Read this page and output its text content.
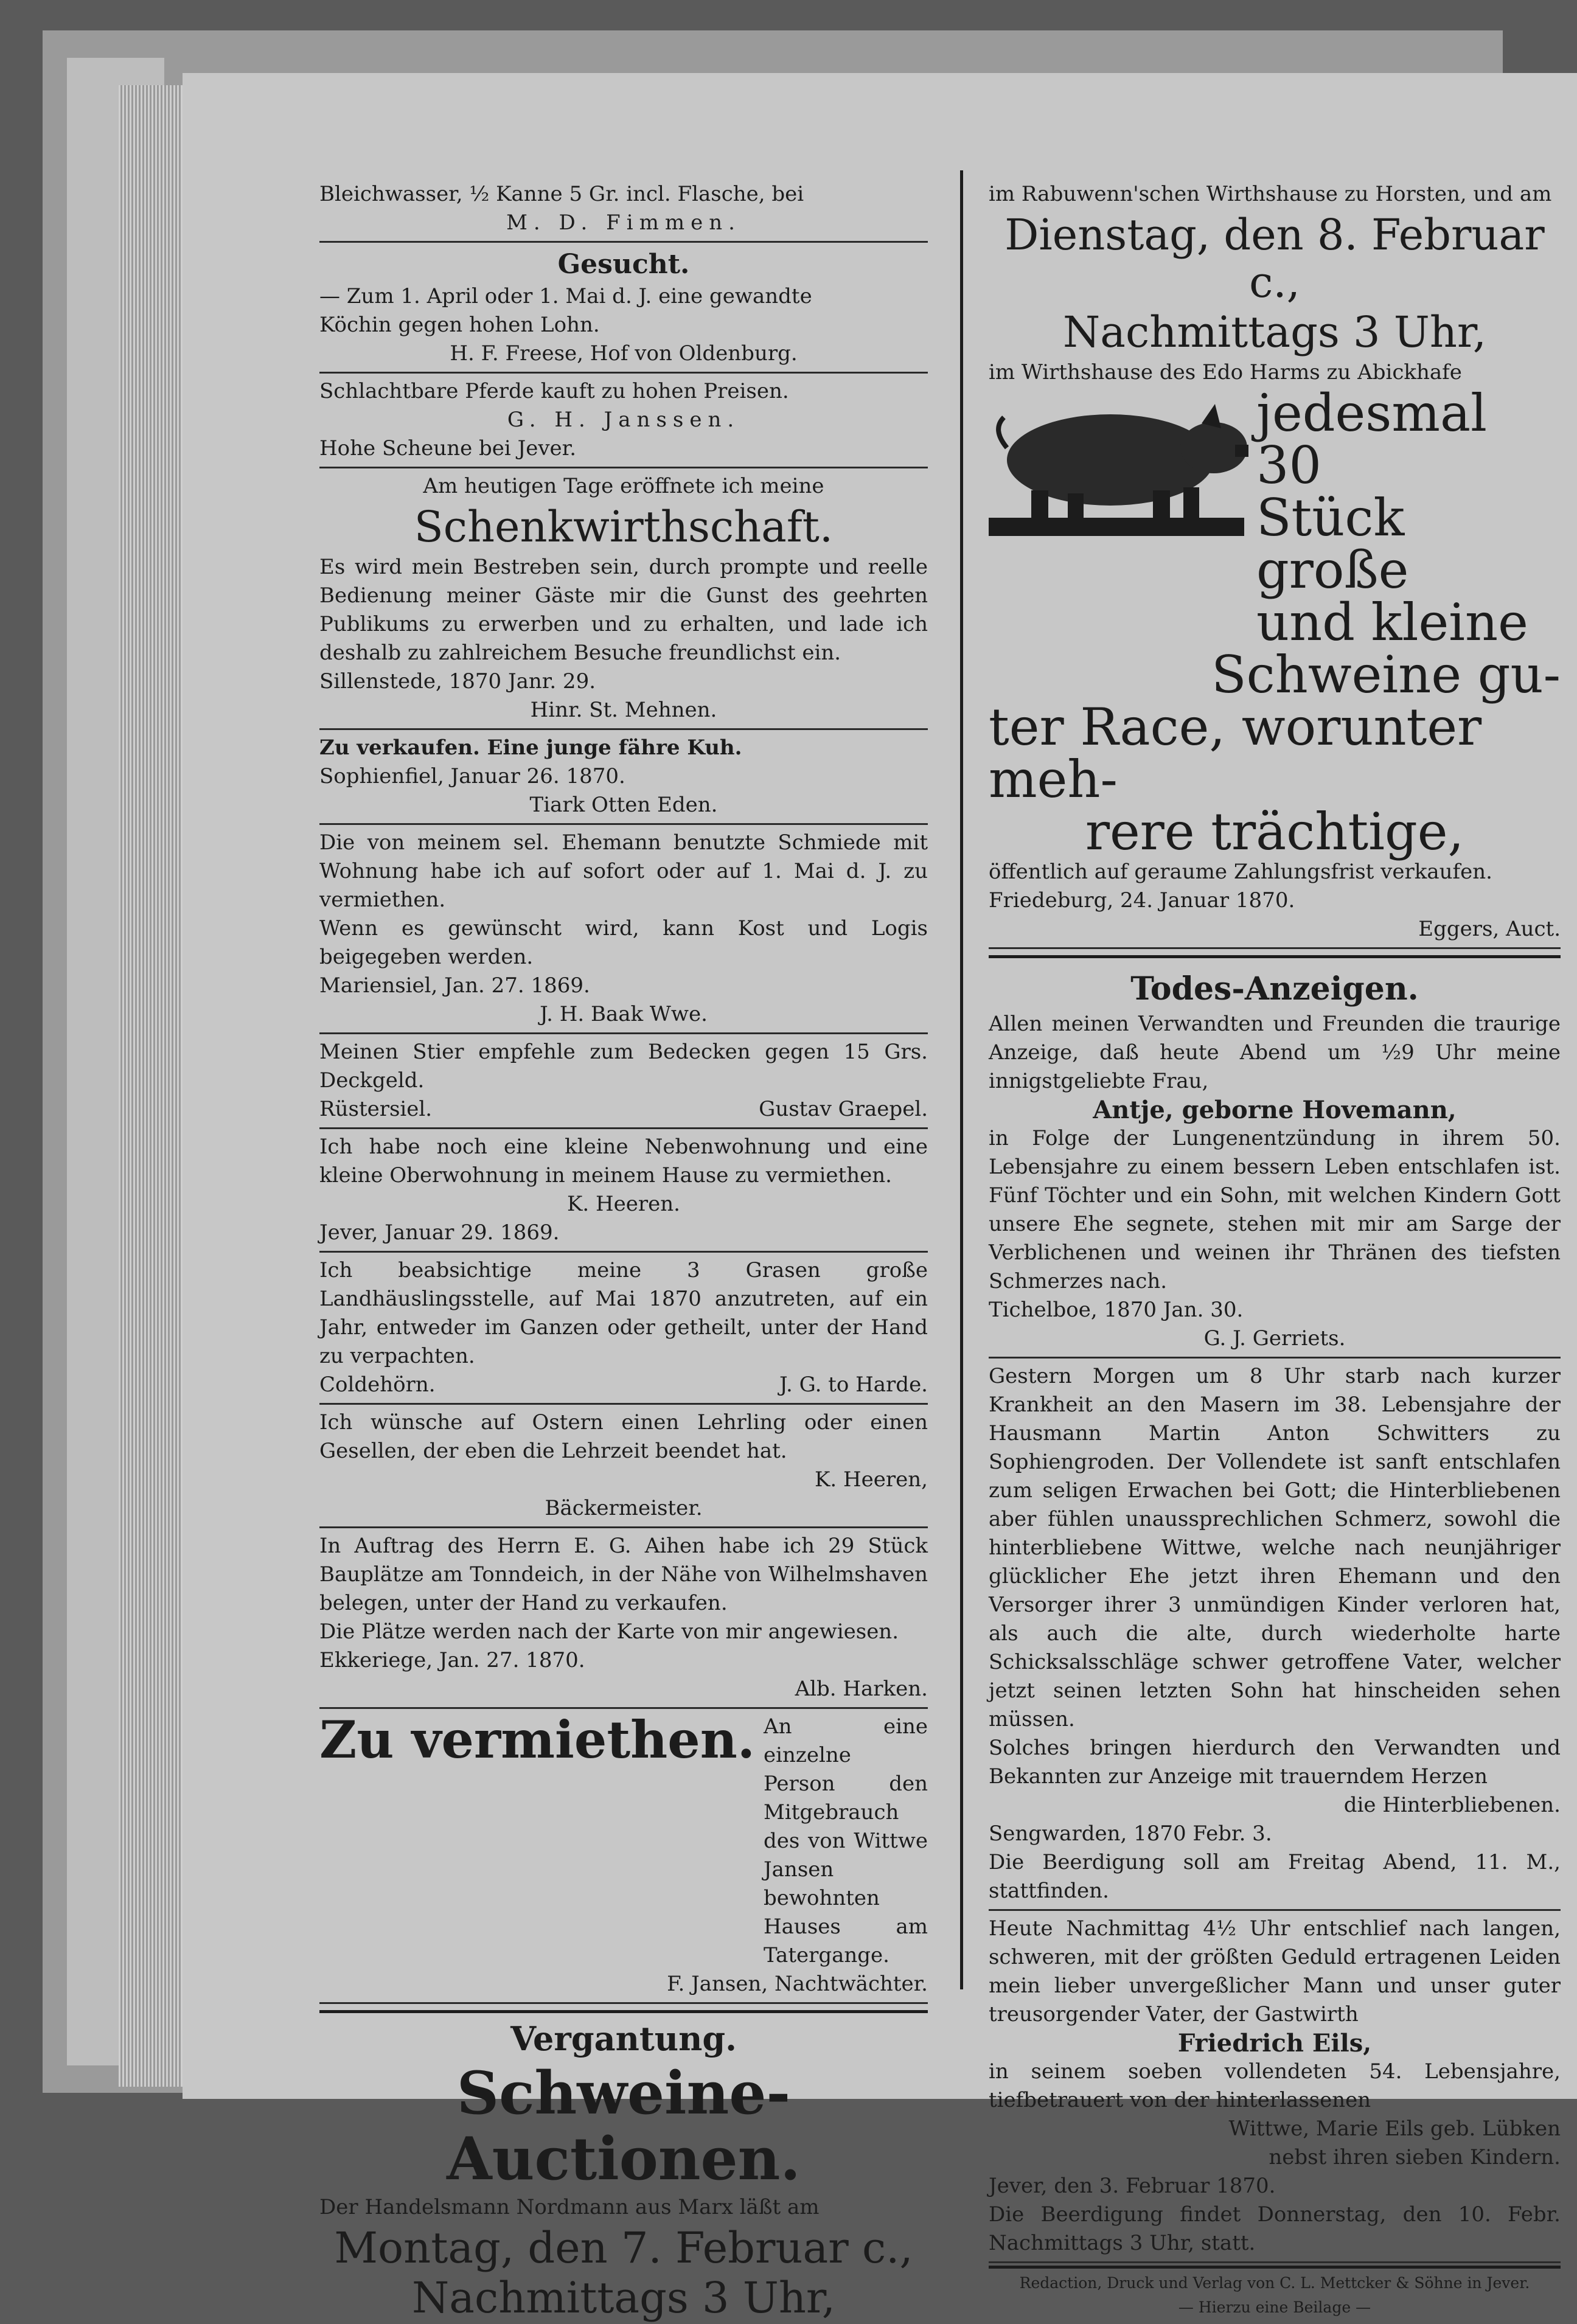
Bleichwasser, ½ Kanne 5 Gr. incl. Flasche, bei

M. D. Fimmen.

Gesucht.

— Zum 1. April oder 1. Mai d. J. eine gewandte

Köchin gegen hohen Lohn.

H. F. Freese, Hof von Oldenburg.

Schlachtbare Pferde kauft zu hohen Preisen.

G. H. Janssen.

Hohe Scheune bei Jever.

Am heutigen Tage eröffnete ich meine

Schenkwirthschaft.

Es wird mein Bestreben sein, durch prompte und reelle Bedienung meiner Gäste mir die Gunst des geehrten Publikums zu erwerben und zu erhalten, und lade ich deshalb zu zahlreichem Besuche freundlichst ein.

Sillenstede, 1870 Janr. 29.

Hinr. St. Mehnen.

Zu verkaufen. Eine junge fähre Kuh.

Sophienfiel, Januar 26. 1870.

Tiark Otten Eden.

Die von meinem sel. Ehemann benutzte Schmiede mit Wohnung habe ich auf sofort oder auf 1. Mai d. J. zu vermiethen.

Wenn es gewünscht wird, kann Kost und Logis beigegeben werden.

Mariensiel, Jan. 27. 1869.

J. H. Baak Wwe.

Meinen Stier empfehle zum Bedecken gegen 15 Grs. Deckgeld.

Rüstersiel.	Gustav Graepel.

Ich habe noch eine kleine Nebenwohnung und eine kleine Oberwohnung in meinem Hause zu vermiethen.

K. Heeren.

Jever, Januar 29. 1869.

Ich beabsichtige meine 3 Grasen große Landhäuslingsstelle, auf Mai 1870 anzutreten, auf ein Jahr, entweder im Ganzen oder getheilt, unter der Hand zu verpachten.

Coldehörn.	J. G. to Harde.

Ich wünsche auf Ostern einen Lehrling oder einen Gesellen, der eben die Lehrzeit beendet hat.

K. Heeren,

Bäckermeister.

In Auftrag des Herrn E. G. Aihen habe ich 29 Stück Bauplätze am Tonndeich, in der Nähe von Wilhelmshaven belegen, unter der Hand zu verkaufen.

Die Plätze werden nach der Karte von mir angewiesen.

Ekkeriege, Jan. 27. 1870.

Alb. Harken.

Zu vermiethen. An eine einzelne Person den Mitgebrauch des von Wittwe Jansen bewohnten Hauses am Tatergange.

F. Jansen, Nachtwächter.

Vergantung.

Schweine-Auctionen.

Der Handelsmann Nordmann aus Marx läßt am

Montag, den 7. Februar c.,

Nachmittags 3 Uhr,

im Rabuwenn'schen Wirthshause zu Horsten, und am

Dienstag, den 8. Februar c.,

Nachmittags 3 Uhr,

im Wirthshause des Edo Harms zu Abickhafe

jedesmal 30

Stück große

und kleine

Schweine gu-

ter Race, worunter meh-

rere trächtige,

öffentlich auf geraume Zahlungsfrist verkaufen.

Friedeburg, 24. Januar 1870.

Eggers, Auct.

Todes-Anzeigen.

Allen meinen Verwandten und Freunden die traurige Anzeige, daß heute Abend um ½9 Uhr meine innigstgeliebte Frau,

Antje, geborne Hovemann,

in Folge der Lungenentzündung in ihrem 50. Lebensjahre zu einem bessern Leben entschlafen ist. Fünf Töchter und ein Sohn, mit welchen Kindern Gott unsere Ehe segnete, stehen mit mir am Sarge der Verblichenen und weinen ihr Thränen des tiefsten Schmerzes nach.

Tichelboe, 1870 Jan. 30.

G. J. Gerriets.

Gestern Morgen um 8 Uhr starb nach kurzer Krankheit an den Masern im 38. Lebensjahre der Hausmann Martin Anton Schwitters zu Sophiengroden. Der Vollendete ist sanft entschlafen zum seligen Erwachen bei Gott; die Hinterbliebenen aber fühlen unaussprechlichen Schmerz, sowohl die hinterbliebene Wittwe, welche nach neunjähriger glücklicher Ehe jetzt ihren Ehemann und den Versorger ihrer 3 unmündigen Kinder verloren hat, als auch die alte, durch wiederholte harte Schicksalsschläge schwer getroffene Vater, welcher jetzt seinen letzten Sohn hat hinscheiden sehen müssen.

Solches bringen hierdurch den Verwandten und Bekannten zur Anzeige mit trauerndem Herzen

die Hinterbliebenen.

Sengwarden, 1870 Febr. 3.

Die Beerdigung soll am Freitag Abend, 11. M., stattfinden.

Heute Nachmittag 4½ Uhr entschlief nach langen, schweren, mit der größten Geduld ertragenen Leiden mein lieber unvergeßlicher Mann und unser guter treusorgender Vater, der Gastwirth

Friedrich Eils,

in seinem soeben vollendeten 54. Lebensjahre, tiefbetrauert von der hinterlassenen

Wittwe, Marie Eils geb. Lübken

nebst ihren sieben Kindern.

Jever, den 3. Februar 1870.

Die Beerdigung findet Donnerstag, den 10. Febr. Nachmittags 3 Uhr, statt.

Redaction, Druck und Verlag von C. L. Mettcker & Söhne in Jever.

— Hierzu eine Beilage —
